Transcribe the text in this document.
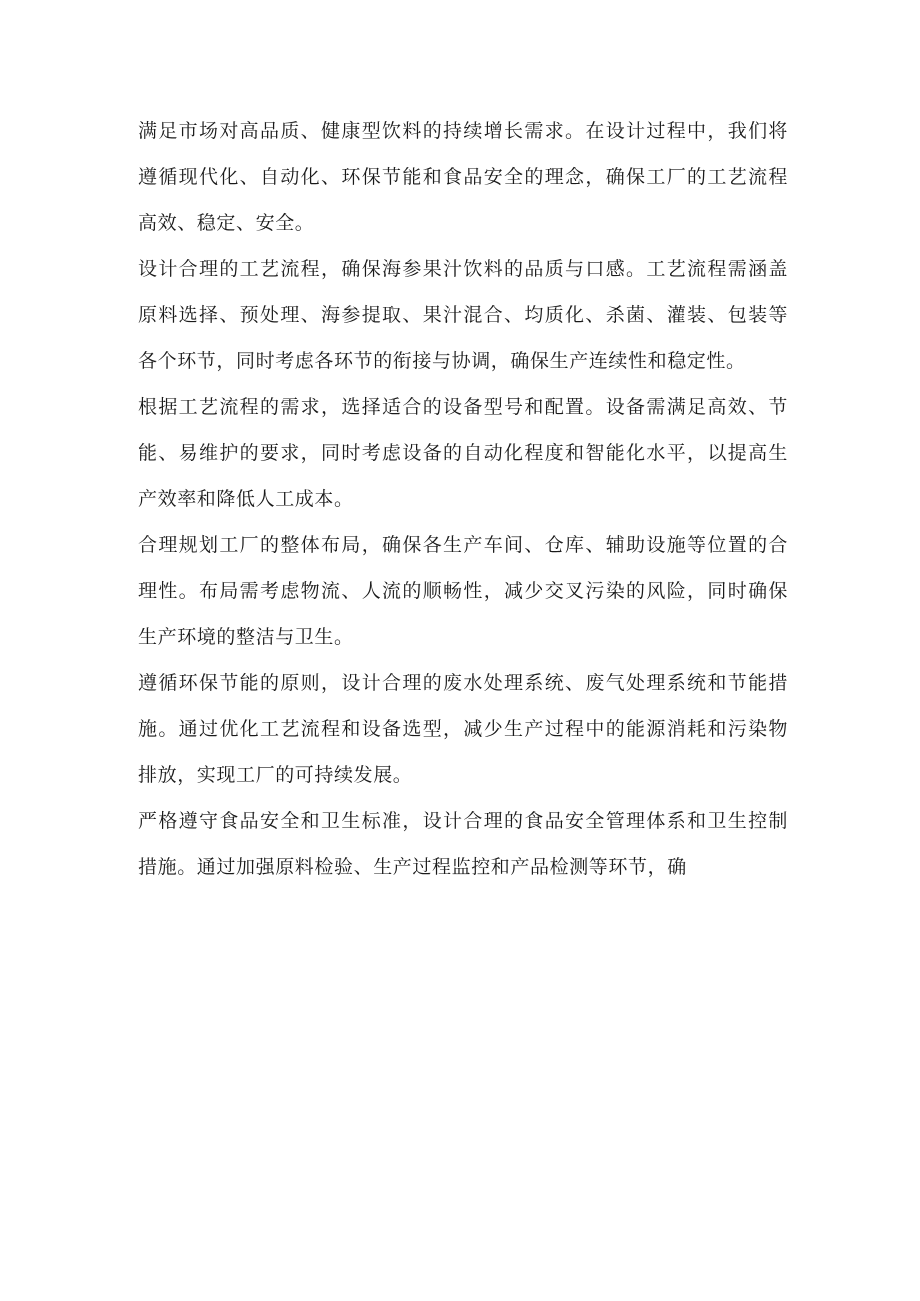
满足市场对高品质、健康型饮料的持续增长需求。在设计过程中，我们将
遵循现代化、自动化、环保节能和食品安全的理念，确保工厂的工艺流程
高效、稳定、安全。

设计合理的工艺流程，确保海参果汁饮料的品质与口感。工艺流程需涵盖
原料选择、预处理、海参提取、果汁混合、均质化、杀菌、灌装、包装等
各个环节，同时考虑各环节的衔接与协调，确保生产连续性和稳定性。

根据工艺流程的需求，选择适合的设备型号和配置。设备需满足高效、节
能、易维护的要求，同时考虑设备的自动化程度和智能化水平，以提高生
产效率和降低人工成本。

合理规划工厂的整体布局，确保各生产车间、仓库、辅助设施等位置的合
理性。布局需考虑物流、人流的顺畅性，减少交叉污染的风险，同时确保
生产环境的整洁与卫生。

遵循环保节能的原则，设计合理的废水处理系统、废气处理系统和节能措
施。通过优化工艺流程和设备选型，减少生产过程中的能源消耗和污染物
排放，实现工厂的可持续发展。

严格遵守食品安全和卫生标准，设计合理的食品安全管理体系和卫生控制
措施。通过加强原料检验、生产过程监控和产品检测等环节，确
